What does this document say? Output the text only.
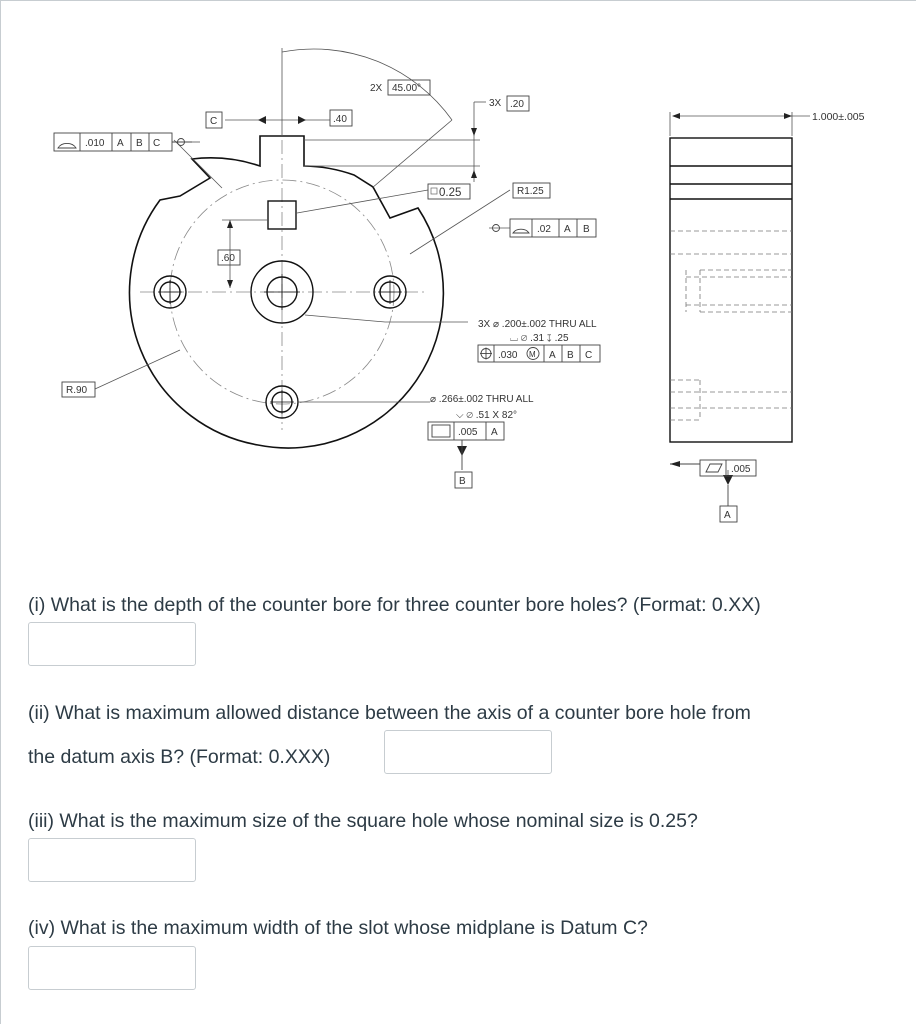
.010 A B C
C	.40
2X 45.00°
3X .20
R1.25
0.25
.02 A B
.60
R.90
3X ⌀ .200±.002 THRU ALL
⌴ ⌀ .31 ↧ .25
.030 M A B C
⌀ .266±.002 THRU ALL
⌵ ⌀ .51 X 82°
.005 A
B
1.000±.005
.005
A

(i) What is the depth of the counter bore for three counter bore holes? (Format: 0.XX)

(ii) What is maximum allowed distance between the axis of a counter bore hole from

the datum axis B? (Format: 0.XXX)

(iii) What is the maximum size of the square hole whose nominal size is 0.25?

(iv) What is the maximum width of the slot whose midplane is Datum C?
